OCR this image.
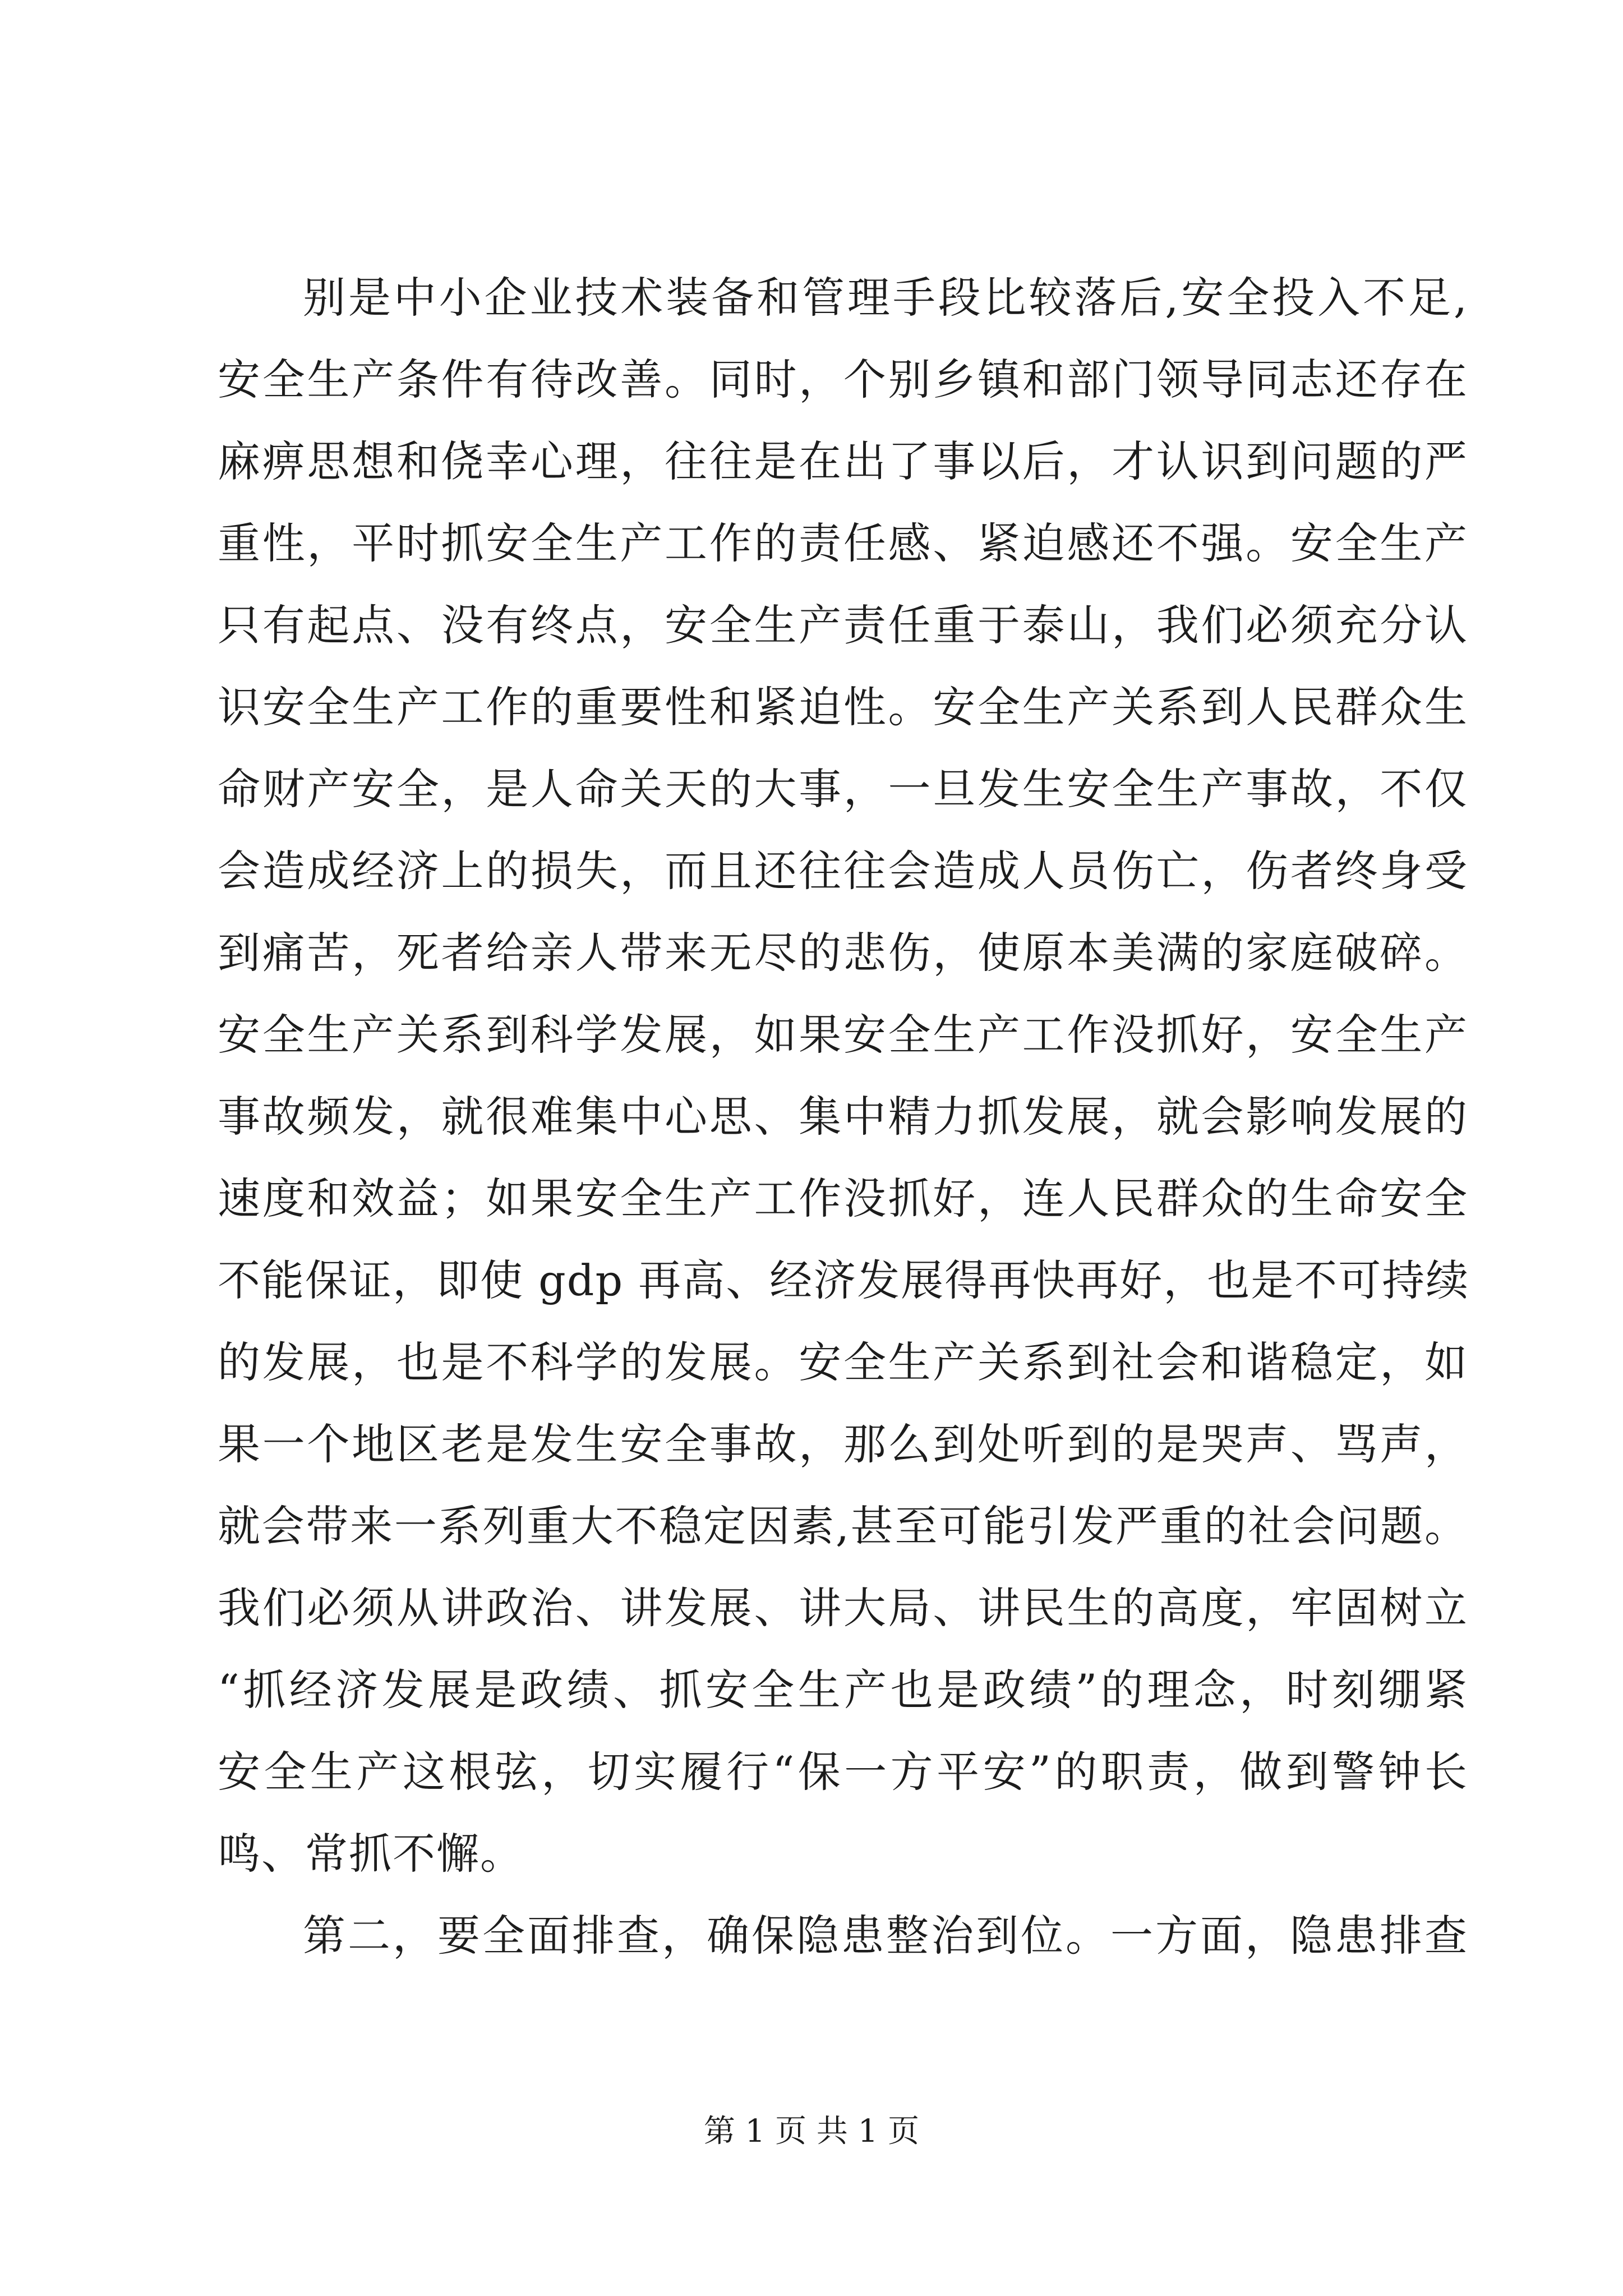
别是中小企业技术装备和管理手段比较落后,安全投入不足,
安全生产条件有待改善。同时，个别乡镇和部门领导同志还存在
麻痹思想和侥幸心理，往往是在出了事以后，才认识到问题的严
重性，平时抓安全生产工作的责任感、紧迫感还不强。安全生产
只有起点、没有终点，安全生产责任重于泰山，我们必须充分认
识安全生产工作的重要性和紧迫性。安全生产关系到人民群众生
命财产安全，是人命关天的大事，一旦发生安全生产事故，不仅
会造成经济上的损失，而且还往往会造成人员伤亡，伤者终身受
到痛苦，死者给亲人带来无尽的悲伤，使原本美满的家庭破碎。
安全生产关系到科学发展，如果安全生产工作没抓好，安全生产
事故频发，就很难集中心思、集中精力抓发展，就会影响发展的
速度和效益；如果安全生产工作没抓好，连人民群众的生命安全
不能保证，即使 gdp 再高、经济发展得再快再好，也是不可持续
的发展，也是不科学的发展。安全生产关系到社会和谐稳定，如
果一个地区老是发生安全事故，那么到处听到的是哭声、骂声，
就会带来一系列重大不稳定因素,甚至可能引发严重的社会问题。
我们必须从讲政治、讲发展、讲大局、讲民生的高度，牢固树立
“抓经济发展是政绩、抓安全生产也是政绩”的理念，时刻绷紧
安全生产这根弦，切实履行“保一方平安”的职责，做到警钟长
鸣、常抓不懈。
第二，要全面排查，确保隐患整治到位。一方面，隐患排查
第 1 页 共 1 页
